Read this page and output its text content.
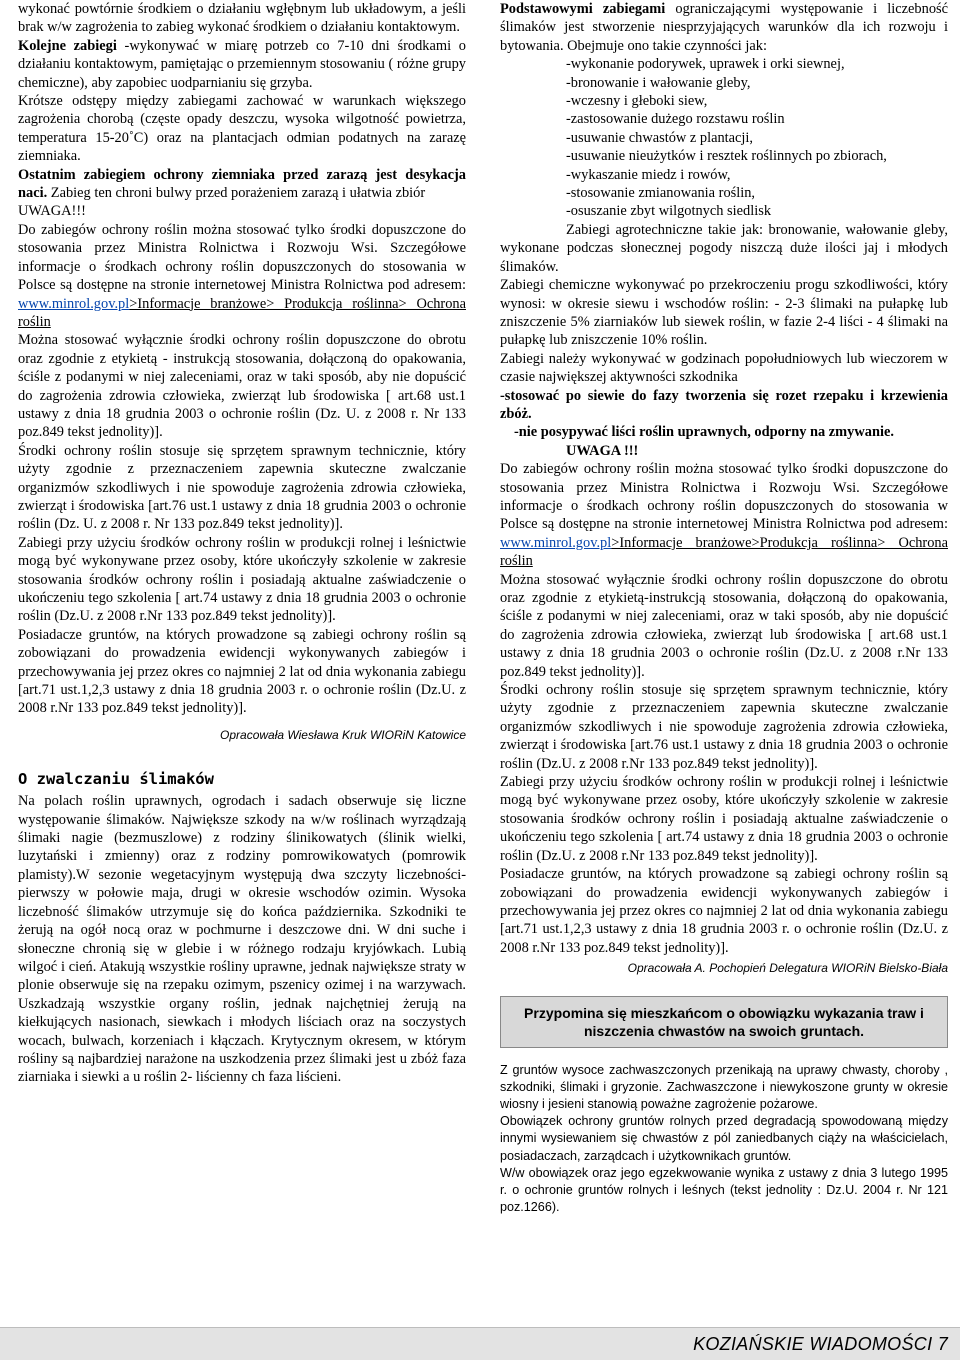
wykonać powtórnie środkiem o działaniu wgłębnym lub układowym, a jeśli brak w/w zagrożenia to zabieg wykonać środkiem o działaniu kontaktowym.

Kolejne zabiegi -wykonywać w miarę potrzeb co 7-10 dni środkami o działaniu kontaktowym, pamiętając o przemiennym stosowaniu ( różne grupy chemiczne), aby zapobiec uodparnianiu się grzyba.

Krótsze odstępy między zabiegami zachować w warunkach większego zagrożenia chorobą (częste opady deszczu, wysoka wilgotność powietrza, temperatura 15-20˚C) oraz na plantacjach odmian podatnych na zarazę ziemniaka.

Ostatnim zabiegiem ochrony ziemniaka przed zarazą jest desykacja naci. Zabieg ten chroni bulwy przed porażeniem zarazą i ułatwia zbiór

UWAGA!!!

Do zabiegów ochrony roślin można stosować tylko środki dopuszczone do stosowania przez Ministra Rolnictwa i Rozwoju Wsi. Szczegółowe informacje o środkach ochrony roślin dopuszczonych do stosowania w Polsce są dostępne na stronie internetowej Ministra Rolnictwa pod adresem: www.minrol.gov.pl>Informacje branżowe> Produkcja roślinna> Ochrona roślin

Można stosować wyłącznie środki ochrony roślin dopuszczone do obrotu oraz zgodnie z etykietą - instrukcją stosowania, dołączoną do opakowania, ściśle z podanymi w niej zaleceniami, oraz w taki sposób, aby nie dopuścić do zagrożenia zdrowia człowieka, zwierząt lub środowiska [ art.68 ust.1 ustawy z dnia 18 grudnia 2003 o ochronie roślin (Dz. U. z 2008 r. Nr 133 poz.849 tekst jednolity)].

Środki ochrony roślin stosuje się sprzętem sprawnym technicznie, który użyty zgodnie z przeznaczeniem zapewnia skuteczne zwalczanie organizmów szkodliwych i nie spowoduje zagrożenia zdrowia człowieka, zwierząt i środowiska [art.76 ust.1 ustawy z dnia 18 grudnia 2003 o ochronie roślin (Dz. U. z 2008 r. Nr 133 poz.849 tekst jednolity)].

Zabiegi przy użyciu środków ochrony roślin w produkcji rolnej i leśnictwie mogą być wykonywane przez osoby, które ukończyły szkolenie w zakresie stosowania środków ochrony roślin i posiadają aktualne zaświadczenie o ukończeniu tego szkolenia [ art.74 ustawy z dnia 18 grudnia 2003 o ochronie roślin (Dz.U. z 2008 r.Nr 133 poz.849 tekst jednolity)].

Posiadacze gruntów, na których prowadzone są zabiegi ochrony roślin są zobowiązani do prowadzenia ewidencji wykonywanych zabiegów i przechowywania jej przez okres co najmniej 2 lat od dnia wykonania zabiegu [art.71 ust.1,2,3 ustawy z dnia 18 grudnia 2003 r. o ochronie roślin (Dz.U. z 2008 r.Nr 133 poz.849 tekst jednolity)].

Opracowała Wiesława Kruk WIORiN Katowice

O zwalczaniu ślimaków

Na polach roślin uprawnych, ogrodach i sadach obserwuje się liczne występowanie ślimaków. Największe szkody na w/w roślinach wyrządzają ślimaki nagie (bezmuszlowe) z rodziny ślinikowatych (ślinik wielki, luzytański i zmienny) oraz z rodziny pomrowikowatych (pomrowik plamisty).W sezonie wegetacyjnym występują dwa szczyty liczebności- pierwszy w połowie maja, drugi w okresie wschodów ozimin. Wysoka liczebność ślimaków utrzymuje się do końca października. Szkodniki te żerują na ogół nocą oraz w pochmurne i deszczowe dni. W dni suche i słoneczne chronią się w glebie i w różnego rodzaju kryjówkach. Lubią wilgoć i cień. Atakują wszystkie rośliny uprawne, jednak największe straty w plonie obserwuje się na rzepaku ozimym, pszenicy ozimej i na warzywach. Uszkadzają wszystkie organy roślin, jednak najchętniej żerują na kiełkujących nasionach, siewkach i młodych liściach oraz na soczystych wocach, bulwach, korzeniach i kłączach. Krytycznym okresem, w którym rośliny są najbardziej narażone na uszkodzenia przez ślimaki jest u zbóż faza ziarniaka i siewki a u roślin 2- liścienny ch faza liścieni.

Podstawowymi zabiegami ograniczającymi występowanie i liczebność ślimaków jest stworzenie niesprzyjających warunków dla ich rozwoju i bytowania. Obejmuje ono takie czynności jak:

-wykonanie podorywek, uprawek i orki siewnej,
-bronowanie i wałowanie gleby,
-wczesny i głeboki siew,
-zastosowanie dużego rozstawu roślin
-usuwanie chwastów z plantacji,
-usuwanie nieużytków i resztek roślinnych po zbiorach,
-wykaszanie miedz i rowów,
-stosowanie zmianowania roślin,
-osuszanie zbyt wilgotnych siedlisk

Zabiegi agrotechniczne takie jak: bronowanie, wałowanie gleby, wykonane podczas słonecznej pogody niszczą duże ilości jaj i młodych ślimaków.

Zabiegi chemiczne wykonywać po przekroczeniu progu szkodliwości, który wynosi: w okresie siewu i wschodów roślin: - 2-3 ślimaki na pułapkę lub zniszczenie 5% ziarniaków lub siewek roślin, w fazie 2-4 liści - 4 ślimaki na pułapkę lub zniszczenie 10% roślin.

Zabiegi należy wykonywać w godzinach popołudniowych lub wieczorem w czasie największej aktywności szkodnika

-stosować po siewie do fazy tworzenia się rozet rzepaku i krzewienia zbóż.

-nie posypywać liści roślin uprawnych, odporny na zmywanie.

UWAGA !!!

Do zabiegów ochrony roślin można stosować tylko środki dopuszczone do stosowania przez Ministra Rolnictwa i Rozwoju Wsi. Szczegółowe informacje o środkach ochrony roślin dopuszczonych do stosowania w Polsce są dostępne na stronie internetowej Ministra Rolnictwa pod adresem: www.minrol.gov.pl>Informacje branżowe>Produkcja roślinna> Ochrona roślin

Można stosować wyłącznie środki ochrony roślin dopuszczone do obrotu oraz zgodnie z etykietą-instrukcją stosowania, dołączoną do opakowania, ściśle z podanymi w niej zaleceniami, oraz w taki sposób, aby nie dopuścić do zagrożenia zdrowia człowieka, zwierząt lub środowiska [ art.68 ust.1 ustawy z dnia 18 grudnia 2003 o ochronie roślin (Dz.U. z 2008 r.Nr 133 poz.849 tekst jednolity)].

Środki ochrony roślin stosuje się sprzętem sprawnym technicznie, który użyty zgodnie z przeznaczeniem zapewnia skuteczne zwalczanie organizmów szkodliwych i nie spowoduje zagrożenia zdrowia człowieka, zwierząt i środowiska [art.76 ust.1 ustawy z dnia 18 grudnia 2003 o ochronie roślin (Dz.U. z 2008 r.Nr 133 poz.849 tekst jednolity)].

Zabiegi przy użyciu środków ochrony roślin w produkcji rolnej i leśnictwie mogą być wykonywane przez osoby, które ukończyły szkolenie w zakresie stosowania środków ochrony roślin i posiadają aktualne zaświadczenie o ukończeniu tego szkolenia [ art.74 ustawy z dnia 18 grudnia 2003 o ochronie roślin (Dz.U. z 2008 r.Nr 133 poz.849 tekst jednolity)].

Posiadacze gruntów, na których prowadzone są zabiegi ochrony roślin są zobowiązani do prowadzenia ewidencji wykonywanych zabiegów i przechowywania jej przez okres co najmniej 2 lat od dnia wykonania zabiegu [art.71 ust.1,2,3 ustawy z dnia 18 grudnia 2003 r. o ochronie roślin (Dz.U. z 2008 r.Nr 133 poz.849 tekst jednolity)].

Opracowała A. Pochopień Delegatura WIORiN Bielsko-Biała

Przypomina się mieszkańcom o obowiązku wykazania traw i niszczenia chwastów na swoich gruntach.

Z gruntów wysoce zachwaszczonych przenikają na uprawy chwasty, choroby , szkodniki, ślimaki i gryzonie. Zachwaszczone i niewykoszone grunty w okresie wiosny i jesieni stanowią poważne zagrożenie pożarowe.

Obowiązek ochrony gruntów rolnych przed degradacją spowodowaną między innymi wysiewaniem się chwastów z pól zaniedbanych ciąży na właścicielach, posiadaczach, zarządcach i użytkownikach gruntów.

W/w obowiązek oraz jego egzekwowanie wynika z ustawy z dnia 3 lutego 1995 r. o ochronie gruntów rolnych i leśnych (tekst jednolity : Dz.U. 2004 r. Nr 121 poz.1266).

KOZIAŃSKIE WIADOMOŚCI 7
